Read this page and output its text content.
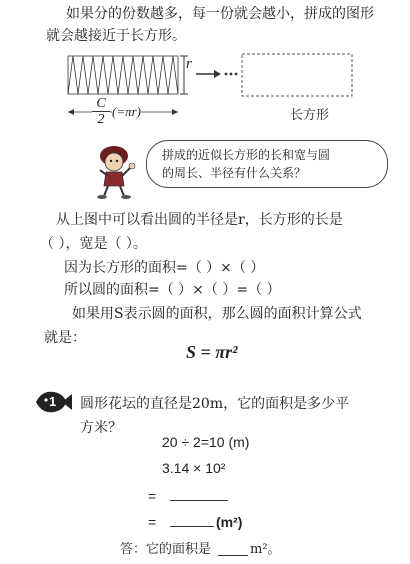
如果分的份数越多，每一份就会越小，拼成的图形
就会越接近于长方形。
r
$\frac{C}{2} (=\pi r)$	长方形
拼成的近似长方形的长和宽与圆
的周长、半径有什么关系？
从上图中可以看出圆的半径是r，长方形的长是
（ ），宽是（ ）。
因为长方形的面积=（ ）×（ ）
所以圆的面积=（ ）×（ ）=（ ）
如果用S表示圆的面积，那么圆的面积计算公式
就是：
S = πr²
1 圆形花坛的直径是20m，它的面积是多少平
方米？
20 ÷ 2=10 (m)
3.14 × 10²
=
=	(m²)
答：它的面积是	m²。
